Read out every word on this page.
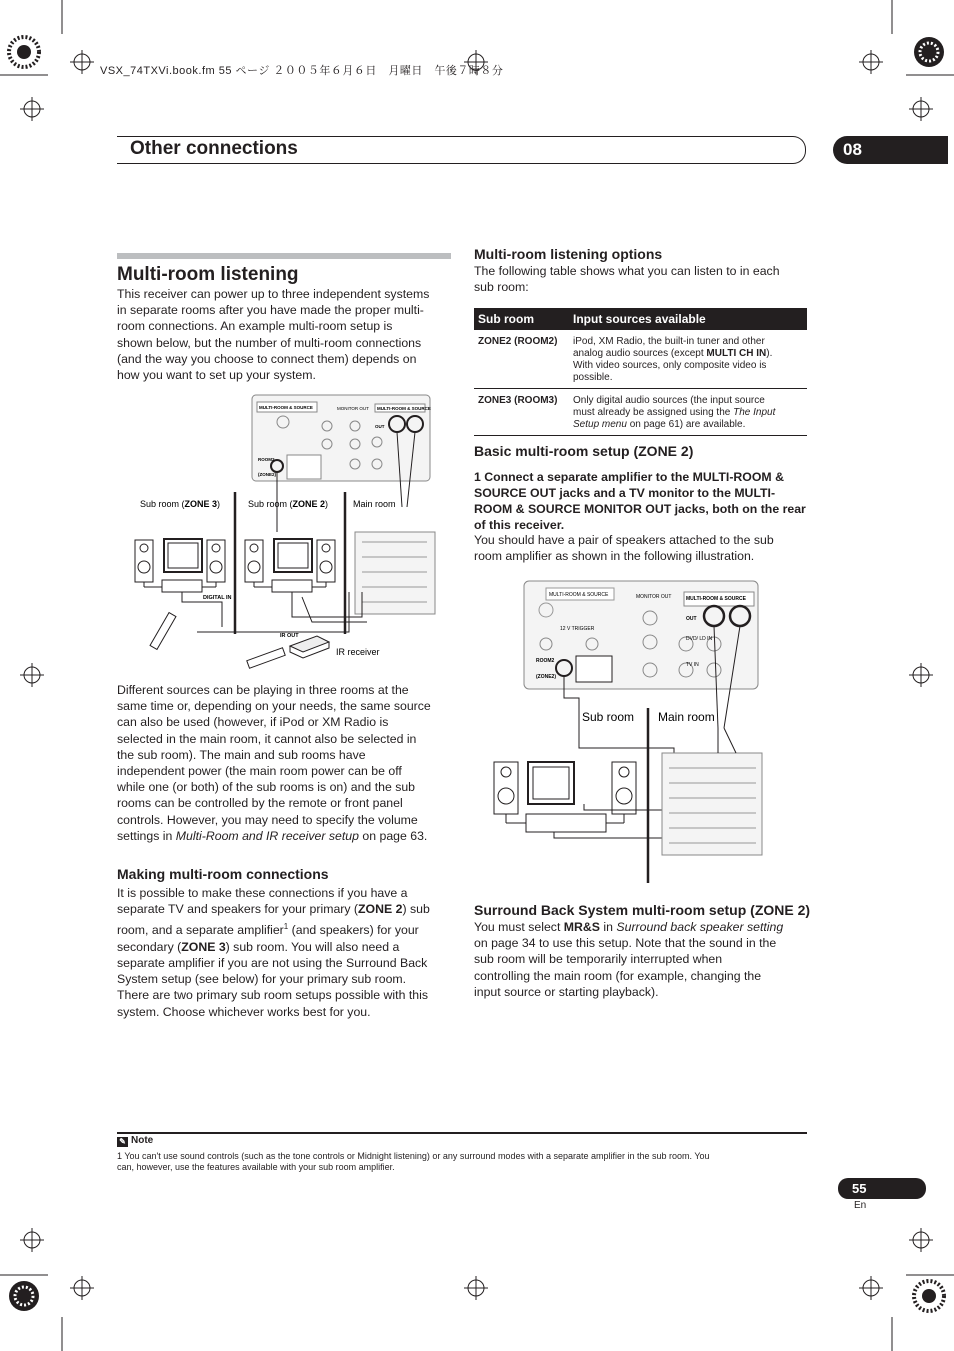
VSX_74TXVi.book.fm 55 ページ ２００５年６月６日　月曜日　午後７時８分
Other connections	08
Multi-room listening
This receiver can power up to three independent systems
in separate rooms after you have made the proper multi-
room connections. An example multi-room setup is
shown below, but the number of multi-room connections
(and the way you choose to connect them) depends on
how you want to set up your system.
Sub room (ZONE 3)	Sub room (ZONE 2)	Main room
DIGITAL IN
IR OUT
IR receiver
MULTI-ROOM & SOURCE	MULTI-ROOM & SOURCE
OUT
MONITOR OUT
ROOM2
(ZONE2)
Different sources can be playing in three rooms at the
same time or, depending on your needs, the same source
can also be used (however, if iPod or XM Radio is
selected in the main room, it cannot also be selected in
the sub room). The main and sub rooms have
independent power (the main room power can be off
while one (or both) of the sub rooms is on) and the sub
rooms can be controlled by the remote or front panel
controls. However, you may need to specify the volume
settings in Multi-Room and IR receiver setup on page 63.
Making multi-room connections
It is possible to make these connections if you have a
separate TV and speakers for your primary (ZONE 2) sub
room, and a separate amplifier$^1$ (and speakers) for your
secondary (ZONE 3) sub room. You will also need a
separate amplifier if you are not using the Surround Back
System setup (see below) for your primary sub room.
There are two primary sub room setups possible with this
system. Choose whichever works best for you.
Multi-room listening options
The following table shows what you can listen to in each
sub room:
Sub room	Input sources available
ZONE2 (ROOM2)	iPod, XM Radio, the built-in tuner and other
analog audio sources (except MULTI CH IN).
With video sources, only composite video is
possible.

ZONE3 (ROOM3)	Only digital audio sources (the input source
must already be assigned using the The Input
Setup menu on page 61) are available.
Basic multi-room setup (ZONE 2)
1 Connect a separate amplifier to the MULTI-ROOM &
SOURCE OUT jacks and a TV monitor to the MULTI-
ROOM & SOURCE MONITOR OUT jacks, both on the rear
of this receiver.
You should have a pair of speakers attached to the sub
room amplifier as shown in the following illustration.
Sub room Main room
MULTI-ROOM & SOURCE
MULTI-ROOM & SOURCE
MONITOR OUT
12 V TRIGGER
OUT
DVD/ LD IN
TV IN
ROOM2
(ZONE2)
Surround Back System multi-room setup (ZONE 2)
You must select MR&S in Surround back speaker setting
on page 34 to use this setup. Note that the sound in the
sub room will be temporarily interrupted when
controlling the main room (for example, changing the
input source or starting playback).
✎ Note
1 You can't use sound controls (such as the tone controls or Midnight listening) or any surround modes with a separate amplifier in the sub room. You
can, however, use the features available with your sub room amplifier.
55
En
